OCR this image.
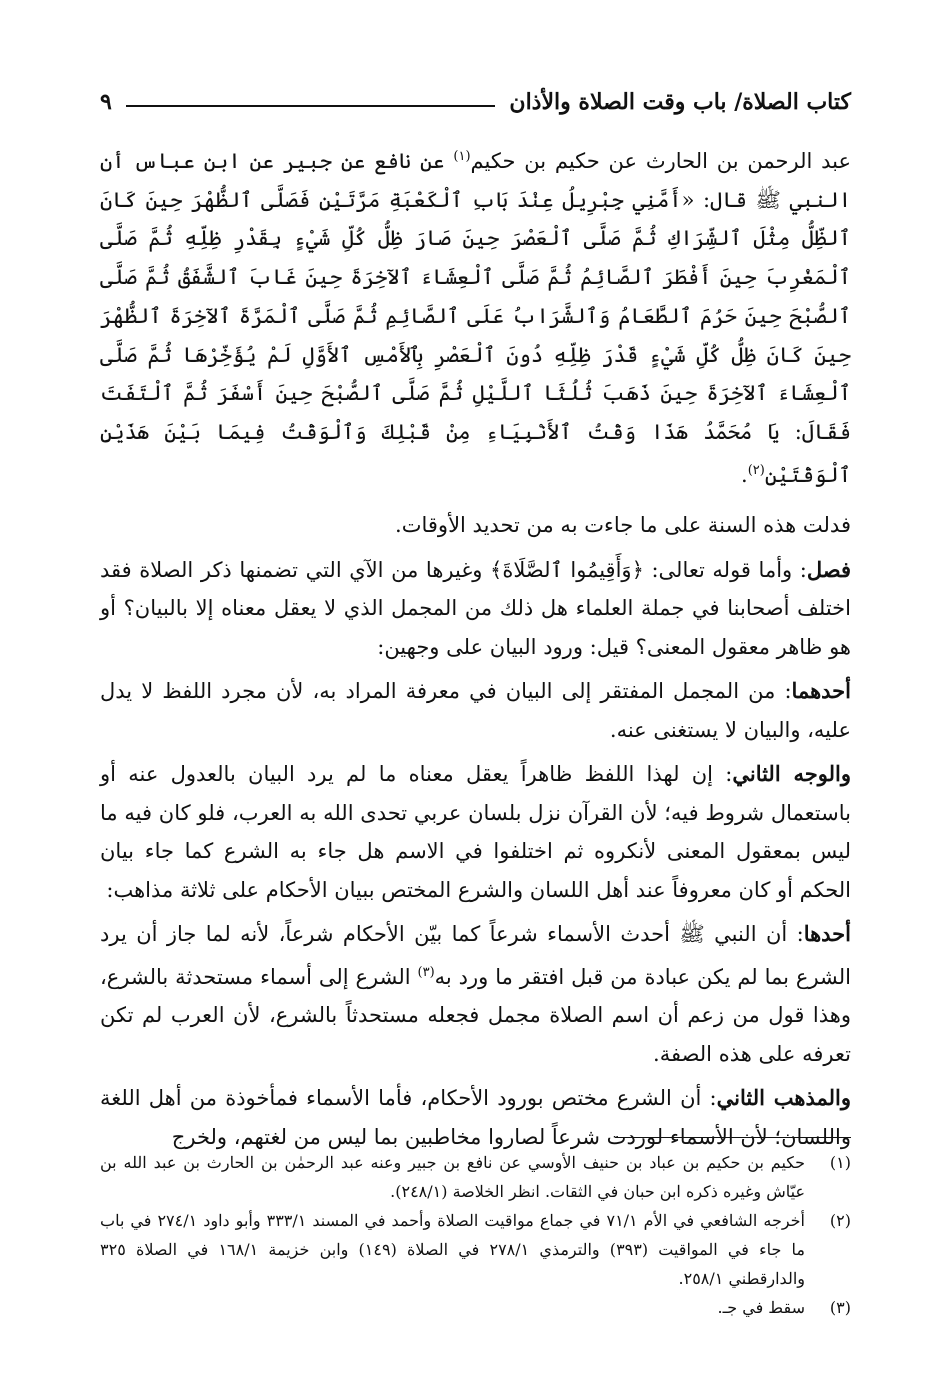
كتاب الصلاة/ باب وقت الصلاة والأذان
٩

عبد الرحمن بن الحارث عن حكيم بن حكيم$^{(١)}$ عن نافع عن جبير عن ابن عباس أن النبي ﷺ قال: «أَمَّنِي جِبْرِيلُ عِنْدَ بَابِ ٱلْكَعْبَةِ مَرَّتَيْنِ فَصَلَّى ٱلظُّهْرَ حِينَ كَانَ ٱلظِّلُّ مِثْلَ ٱلشِّرَاكِ ثُمَّ صَلَّى ٱلْعَصْرَ حِينَ صَارَ ظِلُّ كُلِّ شَيْءٍ بِقَدْرِ ظِلِّهِ ثُمَّ صَلَّى ٱلْمَغْرِبَ حِينَ أَفْطَرَ ٱلصَّائِمُ ثُمَّ صَلَّى ٱلْعِشَاءَ ٱلآخِرَةَ حِينَ غَابَ ٱلشَّفَقُ ثُمَّ صَلَّى ٱلصُّبْحَ حِينَ حَرُمَ ٱلطَّعَامُ وَٱلشَّرَابُ عَلَى ٱلصَّائِمِ ثُمَّ صَلَّى ٱلْمَرَّةَ ٱلآخِرَةَ ٱلظُّهْرَ حِينَ كَانَ ظِلُّ كُلِّ شَيْءٍ قَدْرَ ظِلِّهِ دُونَ ٱلْعَصْرِ بِٱلأَمْسِ ٱلأَوَّلِ لَمْ يُؤَخِّرْهَا ثُمَّ صَلَّى ٱلْعِشَاءَ ٱلآخِرَةَ حِينَ ذَهَبَ ثُلُثَا ٱللَّيْلِ ثُمَّ صَلَّى ٱلصُّبْحَ حِينَ أَسْفَرَ ثُمَّ ٱلْتَفَتَ فَقَالَ: يَا مُحَمَّدُ هَذَا وَقْتُ ٱلأَنْبِيَاءِ مِنْ قَبْلِكَ وَٱلْوَقْتُ فِيمَا بَيْنَ هَذَيْنِ ٱلْوَقْتَيْنِ$^{(٢)}$.

فدلت هذه السنة على ما جاءت به من تحديد الأوقات.

فصل: وأما قوله تعالى: ﴿وَأَقِيمُوا ٱلصَّلَاةَ﴾ وغيرها من الآي التي تضمنها ذكر الصلاة فقد اختلف أصحابنا في جملة العلماء هل ذلك من المجمل الذي لا يعقل معناه إلا بالبيان؟ أو هو ظاهر معقول المعنى؟ قيل: ورود البيان على وجهين:

أحدهما: من المجمل المفتقر إلى البيان في معرفة المراد به، لأن مجرد اللفظ لا يدل عليه، والبيان لا يستغنى عنه.

والوجه الثاني: إن لهذا اللفظ ظاهراً يعقل معناه ما لم يرد البيان بالعدول عنه أو باستعمال شروط فيه؛ لأن القرآن نزل بلسان عربي تحدى الله به العرب، فلو كان فيه ما ليس بمعقول المعنى لأنكروه ثم اختلفوا في الاسم هل جاء به الشرع كما جاء بيان الحكم أو كان معروفاً عند أهل اللسان والشرع المختص ببيان الأحكام على ثلاثة مذاهب:

أحدها: أن النبي ﷺ أحدث الأسماء شرعاً كما بيّن الأحكام شرعاً، لأنه لما جاز أن يرد الشرع بما لم يكن عبادة من قبل افتقر ما ورد به$^{(٣)}$ الشرع إلى أسماء مستحدثة بالشرع، وهذا قول من زعم أن اسم الصلاة مجمل فجعله مستحدثاً بالشرع، لأن العرب لم تكن تعرفه على هذه الصفة.

والمذهب الثاني: أن الشرع مختص بورود الأحكام، فأما الأسماء فمأخوذة من أهل اللغة واللسان؛ لأن الأسماء لوردت شرعاً لصاروا مخاطبين بما ليس من لغتهم، ولخرج

(١)
حكيم بن حكيم بن عباد بن حنيف الأوسي عن نافع بن جبير وعنه عبد الرحمٰن بن الحارث بن عبد الله بن عيّاش وغيره ذكره ابن حبان في الثقات. انظر الخلاصة (٢٤٨/١).
(٢)
أخرجه الشافعي في الأم ٧١/١ في جماع مواقيت الصلاة وأحمد في المسند ٣٣٣/١ وأبو داود ٢٧٤/١ في باب ما جاء في المواقيت (٣٩٣) والترمذي ٢٧٨/١ في الصلاة (١٤٩) وابن خزيمة ١٦٨/١ في الصلاة ٣٢٥ والدارقطني ٢٥٨/١.
(٣)
سقط في جـ.
